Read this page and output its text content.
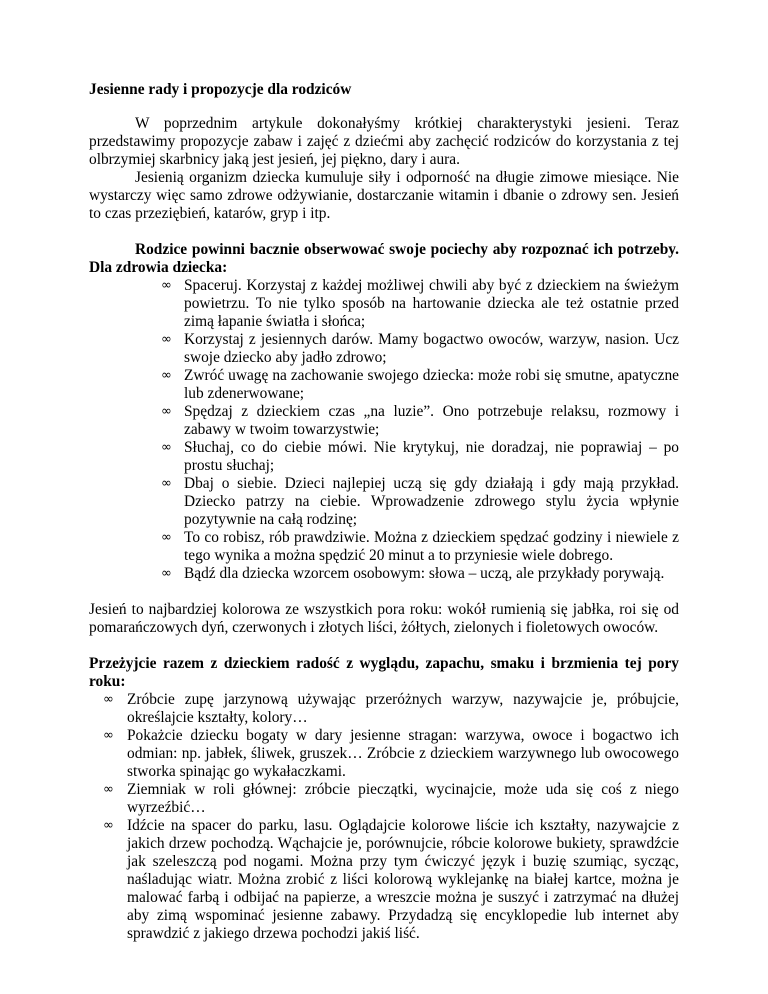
Jesienne rady i propozycje dla rodziców

W poprzednim artykule dokonałyśmy krótkiej charakterystyki jesieni. Teraz przedstawimy propozycje zabaw i zajęć z dziećmi aby zachęcić rodziców do korzystania z tej olbrzymiej skarbnicy jaką jest jesień, jej piękno, dary i aura.

Jesienią organizm dziecka kumuluje siły i odporność na długie zimowe miesiące. Nie wystarczy więc samo zdrowe odżywianie, dostarczanie witamin i dbanie o zdrowy sen. Jesień to czas przeziębień, katarów, gryp i itp.

Rodzice powinni bacznie obserwować swoje pociechy aby rozpoznać ich potrzeby. Dla zdrowia dziecka:

∞ Spaceruj. Korzystaj z każdej możliwej chwili aby być z dzieckiem na świeżym powietrzu. To nie tylko sposób na hartowanie dziecka ale też ostatnie przed zimą łapanie światła i słońca;
∞ Korzystaj z jesiennych darów. Mamy bogactwo owoców, warzyw, nasion. Ucz swoje dziecko aby jadło zdrowo;
∞ Zwróć uwagę na zachowanie swojego dziecka: może robi się smutne, apatyczne lub zdenerwowane;
∞ Spędzaj z dzieckiem czas „na luzie”. Ono potrzebuje relaksu, rozmowy i zabawy w twoim towarzystwie;
∞ Słuchaj, co do ciebie mówi. Nie krytykuj, nie doradzaj, nie poprawiaj – po prostu słuchaj;
∞ Dbaj o siebie. Dzieci najlepiej uczą się gdy działają i gdy mają przykład. Dziecko patrzy na ciebie. Wprowadzenie zdrowego stylu życia wpłynie pozytywnie na całą rodzinę;
∞ To co robisz, rób prawdziwie. Można z dzieckiem spędzać godziny i niewiele z tego wynika a można spędzić 20 minut a to przyniesie wiele dobrego.
∞ Bądź dla dziecka wzorcem osobowym: słowa – uczą, ale przykłady porywają.

Jesień to najbardziej kolorowa ze wszystkich pora roku: wokół rumienią się jabłka, roi się od pomarańczowych dyń, czerwonych i złotych liści, żółtych, zielonych i fioletowych owoców.

Przeżyjcie razem z dzieckiem radość z wyglądu, zapachu, smaku i brzmienia tej pory roku:

∞ Zróbcie zupę jarzynową używając przeróżnych warzyw, nazywajcie je, próbujcie, określajcie kształty, kolory…
∞ Pokażcie dziecku bogaty w dary jesienne stragan: warzywa, owoce i bogactwo ich odmian: np. jabłek, śliwek, gruszek… Zróbcie z dzieckiem warzywnego lub owocowego stworka spinając go wykałaczkami.
∞ Ziemniak w roli głównej: zróbcie pieczątki, wycinajcie, może uda się coś z niego wyrzeźbić…
∞ Idźcie na spacer do parku, lasu. Oglądajcie kolorowe liście ich kształty, nazywajcie z jakich drzew pochodzą. Wąchajcie je, porównujcie, róbcie kolorowe bukiety, sprawdźcie jak szeleszczą pod nogami. Można przy tym ćwiczyć język i buzię szumiąc, sycząc, naśladując wiatr. Można zrobić z liści kolorową wyklejankę na białej kartce, można je malować farbą i odbijać na papierze, a wreszcie można je suszyć i zatrzymać na dłużej aby zimą wspominać jesienne zabawy. Przydadzą się encyklopedie lub internet aby sprawdzić z jakiego drzewa pochodzi jakiś liść.
